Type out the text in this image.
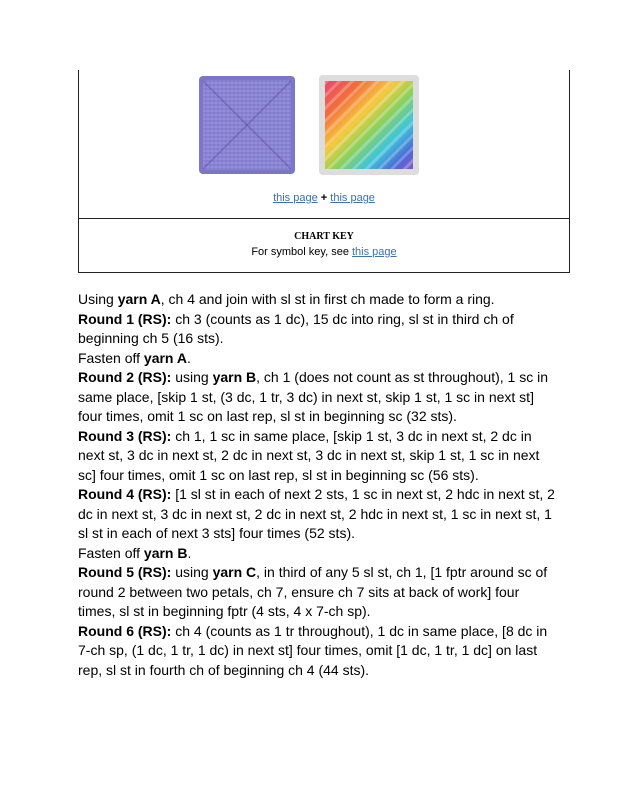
this page + this page
CHART KEY
For symbol key, see this page

Using yarn A, ch 4 and join with sl st in first ch made to form a ring.

Round 1 (RS): ch 3 (counts as 1 dc), 15 dc into ring, sl st in third ch of beginning ch 5 (16 sts).

Fasten off yarn A.

Round 2 (RS): using yarn B, ch 1 (does not count as st throughout), 1 sc in same place, [skip 1 st, (3 dc, 1 tr, 3 dc) in next st, skip 1 st, 1 sc in next st] four times, omit 1 sc on last rep, sl st in beginning sc (32 sts).

Round 3 (RS): ch 1, 1 sc in same place, [skip 1 st, 3 dc in next st, 2 dc in next st, 3 dc in next st, 2 dc in next st, 3 dc in next st, skip 1 st, 1 sc in next sc] four times, omit 1 sc on last rep, sl st in beginning sc (56 sts).

Round 4 (RS): [1 sl st in each of next 2 sts, 1 sc in next st, 2 hdc in next st, 2 dc in next st, 3 dc in next st, 2 dc in next st, 2 hdc in next st, 1 sc in next st, 1 sl st in each of next 3 sts] four times (52 sts).

Fasten off yarn B.

Round 5 (RS): using yarn C, in third of any 5 sl st, ch 1, [1 fptr around sc of round 2 between two petals, ch 7, ensure ch 7 sits at back of work] four times, sl st in beginning fptr (4 sts, 4 x 7-ch sp).

Round 6 (RS): ch 4 (counts as 1 tr throughout), 1 dc in same place, [8 dc in 7-ch sp, (1 dc, 1 tr, 1 dc) in next st] four times, omit [1 dc, 1 tr, 1 dc] on last rep, sl st in fourth ch of beginning ch 4 (44 sts).
